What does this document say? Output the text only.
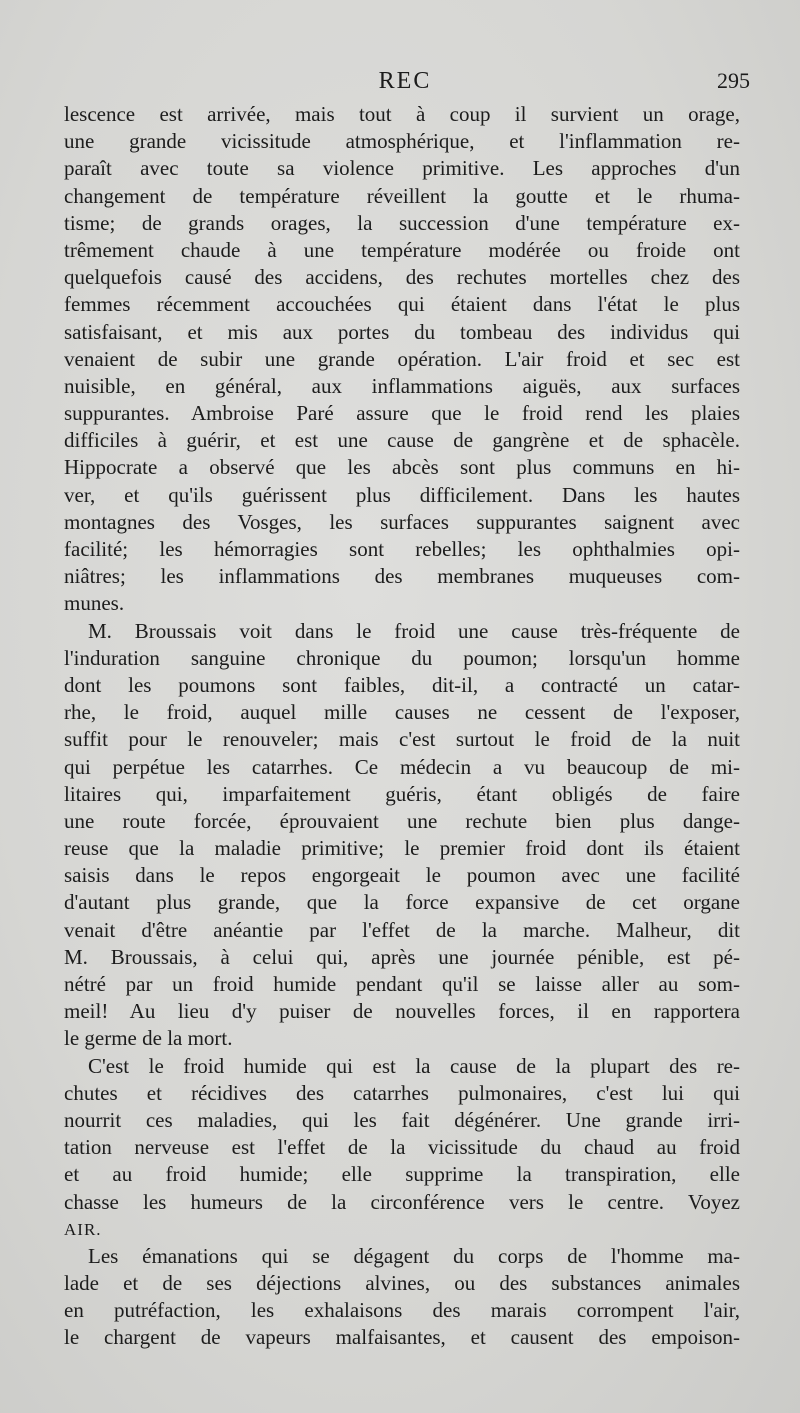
REC	295
lescence est arrivée, mais tout à coup il survient un orage,
une grande vicissitude atmosphérique, et l'inflammation re-
paraît avec toute sa violence primitive. Les approches d'un
changement de température réveillent la goutte et le rhuma-
tisme; de grands orages, la succession d'une température ex-
trêmement chaude à une température modérée ou froide ont
quelquefois causé des accidens, des rechutes mortelles chez des
femmes récemment accouchées qui étaient dans l'état le plus
satisfaisant, et mis aux portes du tombeau des individus qui
venaient de subir une grande opération. L'air froid et sec est
nuisible, en général, aux inflammations aiguës, aux surfaces
suppurantes. Ambroise Paré assure que le froid rend les plaies
difficiles à guérir, et est une cause de gangrène et de sphacèle.
Hippocrate a observé que les abcès sont plus communs en hi-
ver, et qu'ils guérissent plus difficilement. Dans les hautes
montagnes des Vosges, les surfaces suppurantes saignent avec
facilité; les hémorragies sont rebelles; les ophthalmies opi-
niâtres; les inflammations des membranes muqueuses com-
munes.
M. Broussais voit dans le froid une cause très-fréquente de
l'induration sanguine chronique du poumon; lorsqu'un homme
dont les poumons sont faibles, dit-il, a contracté un catar-
rhe, le froid, auquel mille causes ne cessent de l'exposer,
suffit pour le renouveler; mais c'est surtout le froid de la nuit
qui perpétue les catarrhes. Ce médecin a vu beaucoup de mi-
litaires qui, imparfaitement guéris, étant obligés de faire
une route forcée, éprouvaient une rechute bien plus dange-
reuse que la maladie primitive; le premier froid dont ils étaient
saisis dans le repos engorgeait le poumon avec une facilité
d'autant plus grande, que la force expansive de cet organe
venait d'être anéantie par l'effet de la marche. Malheur, dit
M. Broussais, à celui qui, après une journée pénible, est pé-
nétré par un froid humide pendant qu'il se laisse aller au som-
meil! Au lieu d'y puiser de nouvelles forces, il en rapportera
le germe de la mort.
C'est le froid humide qui est la cause de la plupart des re-
chutes et récidives des catarrhes pulmonaires, c'est lui qui
nourrit ces maladies, qui les fait dégénérer. Une grande irri-
tation nerveuse est l'effet de la vicissitude du chaud au froid
et au froid humide; elle supprime la transpiration, elle
chasse les humeurs de la circonférence vers le centre. Voyez
AIR.
Les émanations qui se dégagent du corps de l'homme ma-
lade et de ses déjections alvines, ou des substances animales
en putréfaction, les exhalaisons des marais corrompent l'air,
le chargent de vapeurs malfaisantes, et causent des empoison-
